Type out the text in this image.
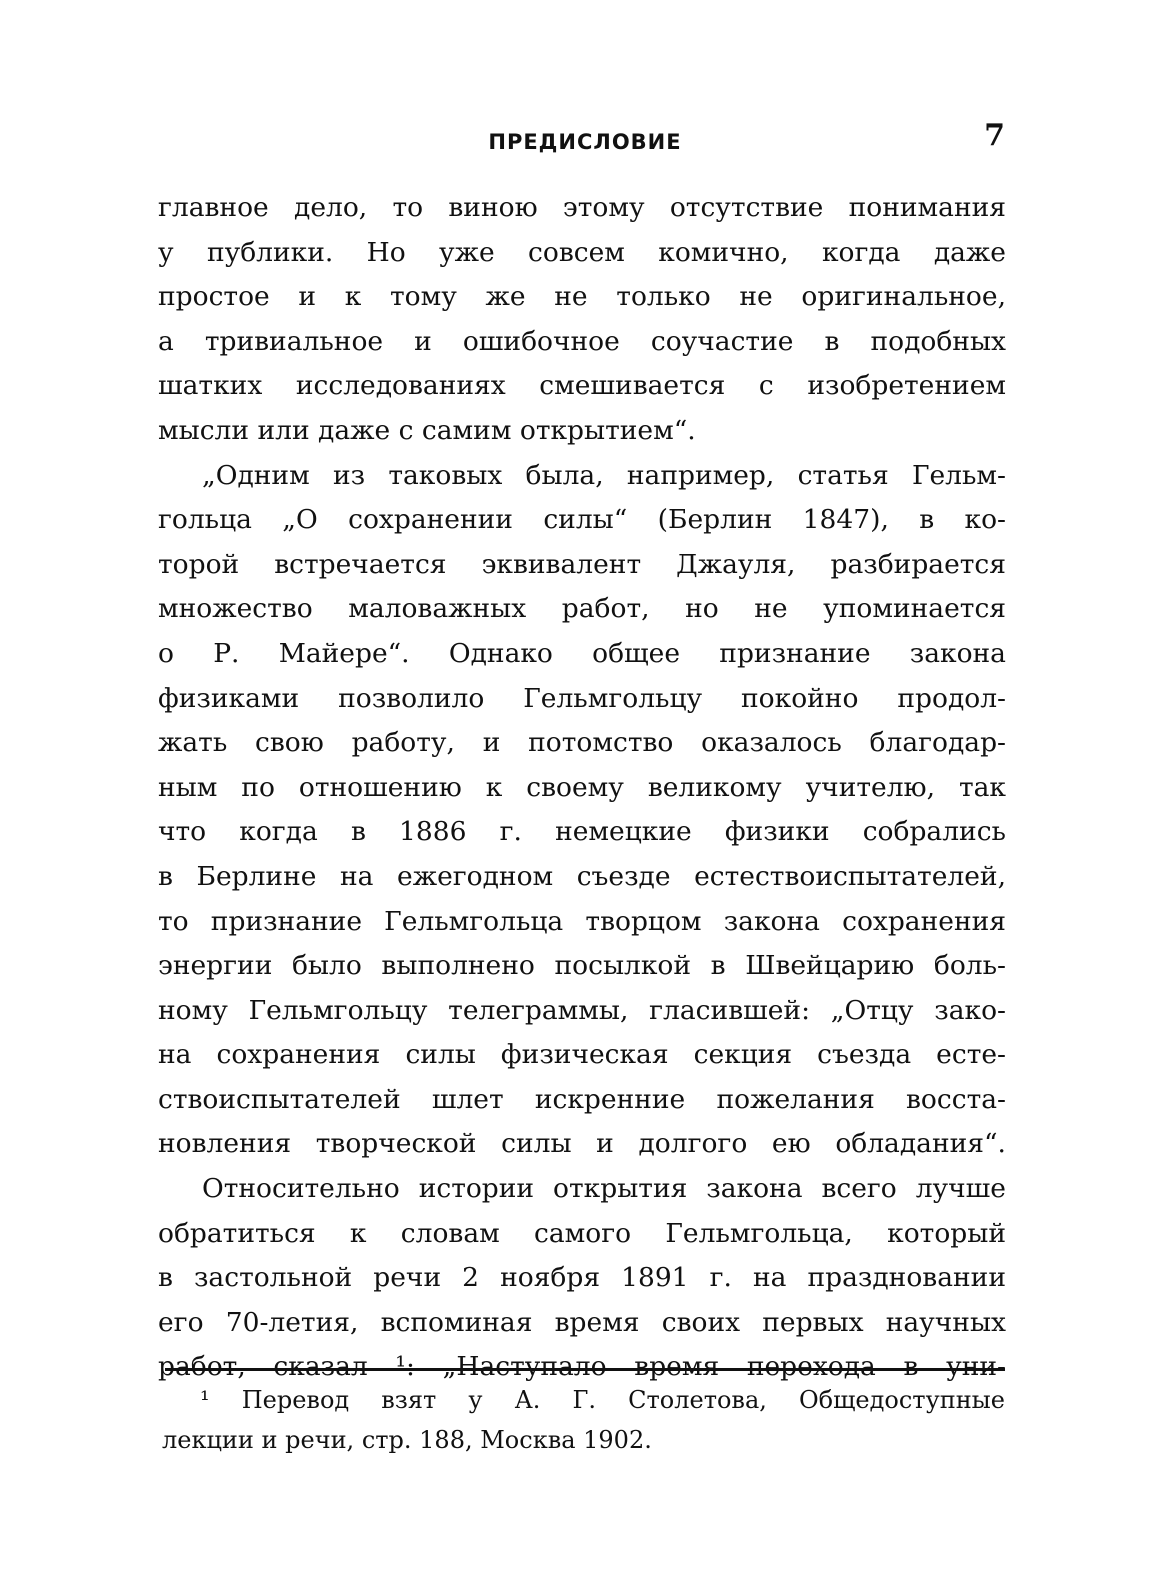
ПРЕДИСЛОВИЕ	7
главное дело, то виною этому отсутствие понимания
у публики. Но уже совсем комично, когда даже
простое и к тому же не только не оригинальное,
а тривиальное и ошибочное соучастие в подобных
шатких исследованиях смешивается с изобретением
мысли или даже с самим открытием“.
„Одним из таковых была, например, статья Гельм-
гольца „О сохранении силы“ (Берлин 1847), в ко-
торой встречается эквивалент Джауля, разбирается
множество маловажных работ, но не упоминается
о Р. Майере“. Однако общее признание закона
физиками позволило Гельмгольцу покойно продол-
жать свою работу, и потомство оказалось благодар-
ным по отношению к своему великому учителю, так
что когда в 1886 г. немецкие физики собрались
в Берлине на ежегодном съезде естествоиспытателей,
то признание Гельмгольца творцом закона сохранения
энергии было выполнено посылкой в Швейцарию боль-
ному Гельмгольцу телеграммы, гласившей: „Отцу зако-
на сохранения силы физическая секция съезда есте-
ствоиспытателей шлет искренние пожелания восста-
новления творческой силы и долгого ею обладания“.
Относительно истории открытия закона всего лучше
обратиться к словам самого Гельмгольца, который
в застольной речи 2 ноября 1891 г. на праздновании
его 70-летия, вспоминая время своих первых научных
работ, сказал ¹: „Наступало время перехода в уни-
¹ Перевод взят у А. Г. Столетова, Общедоступные
лекции и речи, стр. 188, Москва 1902.
